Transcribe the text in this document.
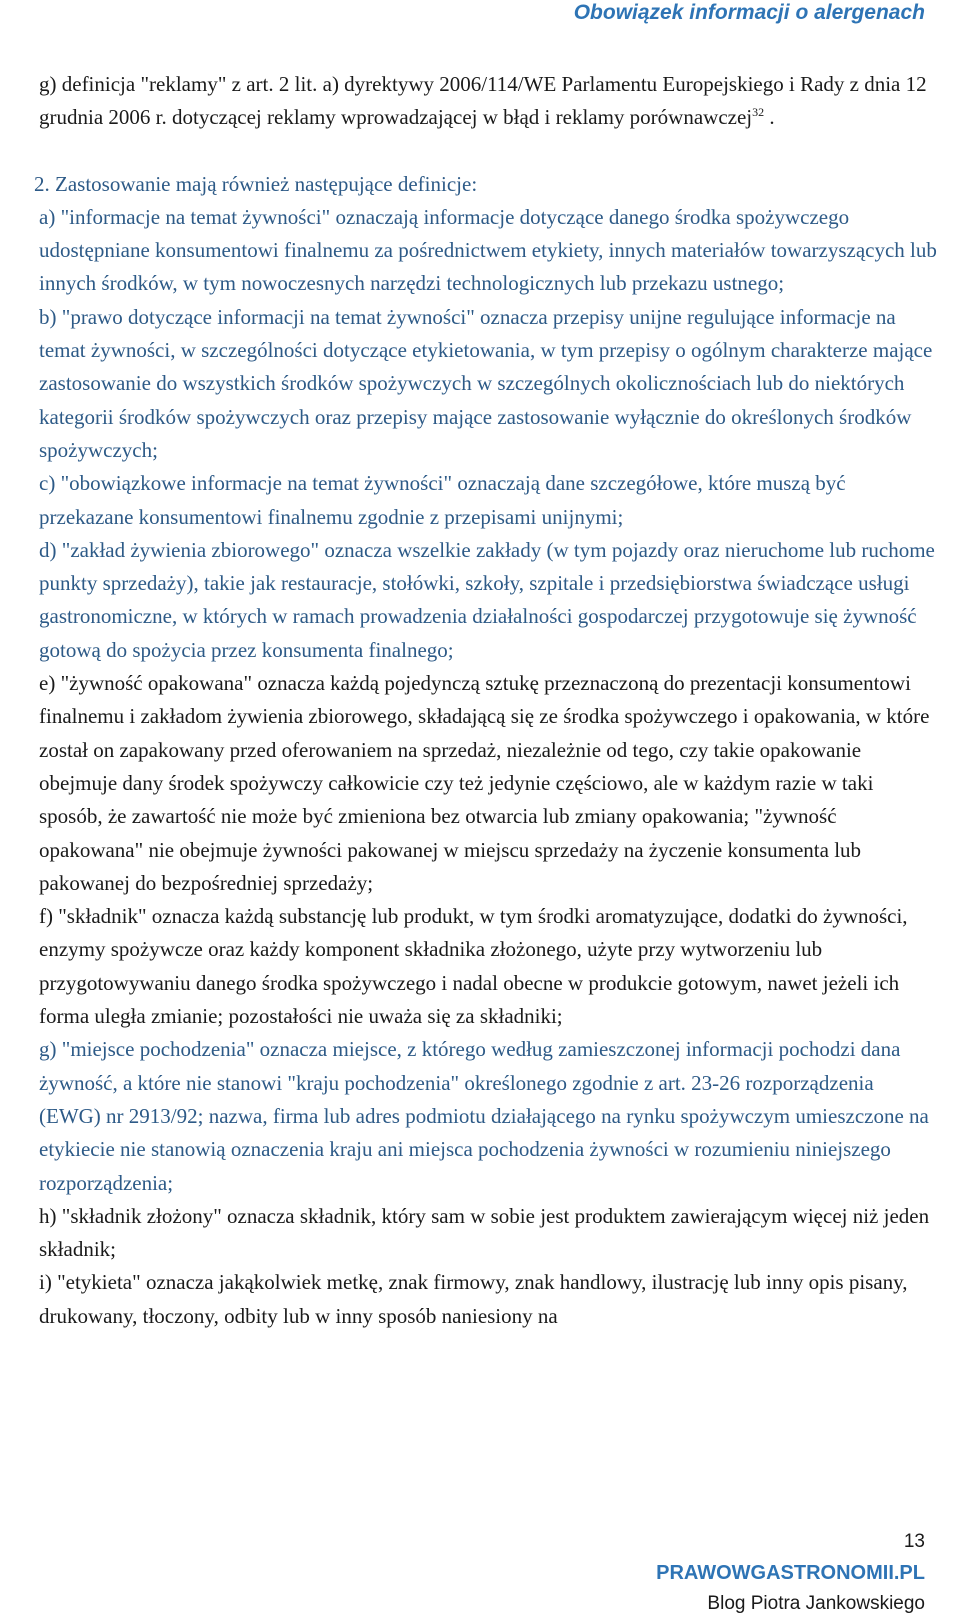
Obowiązek informacji o alergenach

g) definicja "reklamy" z art. 2 lit. a) dyrektywy 2006/114/WE Parlamentu Europejskiego i Rady z dnia 12 grudnia 2006 r. dotyczącej reklamy wprowadzającej w błąd i reklamy porównawczej$^{32}$ .

2. Zastosowanie mają również następujące definicje:

a) "informacje na temat żywności" oznaczają informacje dotyczące danego środka spożywczego udostępniane konsumentowi finalnemu za pośrednictwem etykiety, innych materiałów towarzyszących lub innych środków, w tym nowoczesnych narzędzi technologicznych lub przekazu ustnego;

b) "prawo dotyczące informacji na temat żywności" oznacza przepisy unijne regulujące informacje na temat żywności, w szczególności dotyczące etykietowania, w tym przepisy o ogólnym charakterze mające zastosowanie do wszystkich środków spożywczych w szczególnych okolicznościach lub do niektórych kategorii środków spożywczych oraz przepisy mające zastosowanie wyłącznie do określonych środków spożywczych;

c) "obowiązkowe informacje na temat żywności" oznaczają dane szczegółowe, które muszą być przekazane konsumentowi finalnemu zgodnie z przepisami unijnymi;

d) "zakład żywienia zbiorowego" oznacza wszelkie zakłady (w tym pojazdy oraz nieruchome lub ruchome punkty sprzedaży), takie jak restauracje, stołówki, szkoły, szpitale i przedsiębiorstwa świadczące usługi gastronomiczne, w których w ramach prowadzenia działalności gospodarczej przygotowuje się żywność gotową do spożycia przez konsumenta finalnego;

e) "żywność opakowana" oznacza każdą pojedynczą sztukę przeznaczoną do prezentacji konsumentowi finalnemu i zakładom żywienia zbiorowego, składającą się ze środka spożywczego i opakowania, w które został on zapakowany przed oferowaniem na sprzedaż, niezależnie od tego, czy takie opakowanie obejmuje dany środek spożywczy całkowicie czy też jedynie częściowo, ale w każdym razie w taki sposób, że zawartość nie może być zmieniona bez otwarcia lub zmiany opakowania; "żywność opakowana" nie obejmuje żywności pakowanej w miejscu sprzedaży na życzenie konsumenta lub pakowanej do bezpośredniej sprzedaży;

f) "składnik" oznacza każdą substancję lub produkt, w tym środki aromatyzujące, dodatki do żywności, enzymy spożywcze oraz każdy komponent składnika złożonego, użyte przy wytworzeniu lub przygotowywaniu danego środka spożywczego i nadal obecne w produkcie gotowym, nawet jeżeli ich forma uległa zmianie; pozostałości nie uważa się za składniki;

g) "miejsce pochodzenia" oznacza miejsce, z którego według zamieszczonej informacji pochodzi dana żywność, a które nie stanowi "kraju pochodzenia" określonego zgodnie z art. 23-26 rozporządzenia (EWG) nr 2913/92; nazwa, firma lub adres podmiotu działającego na rynku spożywczym umieszczone na etykiecie nie stanowią oznaczenia kraju ani miejsca pochodzenia żywności w rozumieniu niniejszego rozporządzenia;

h) "składnik złożony" oznacza składnik, który sam w sobie jest produktem zawierającym więcej niż jeden składnik;

i) "etykieta" oznacza jakąkolwiek metkę, znak firmowy, znak handlowy, ilustrację lub inny opis pisany, drukowany, tłoczony, odbity lub w inny sposób naniesiony na

13
PRAWOWGASTRONOMII.PL
Blog Piotra Jankowskiego
